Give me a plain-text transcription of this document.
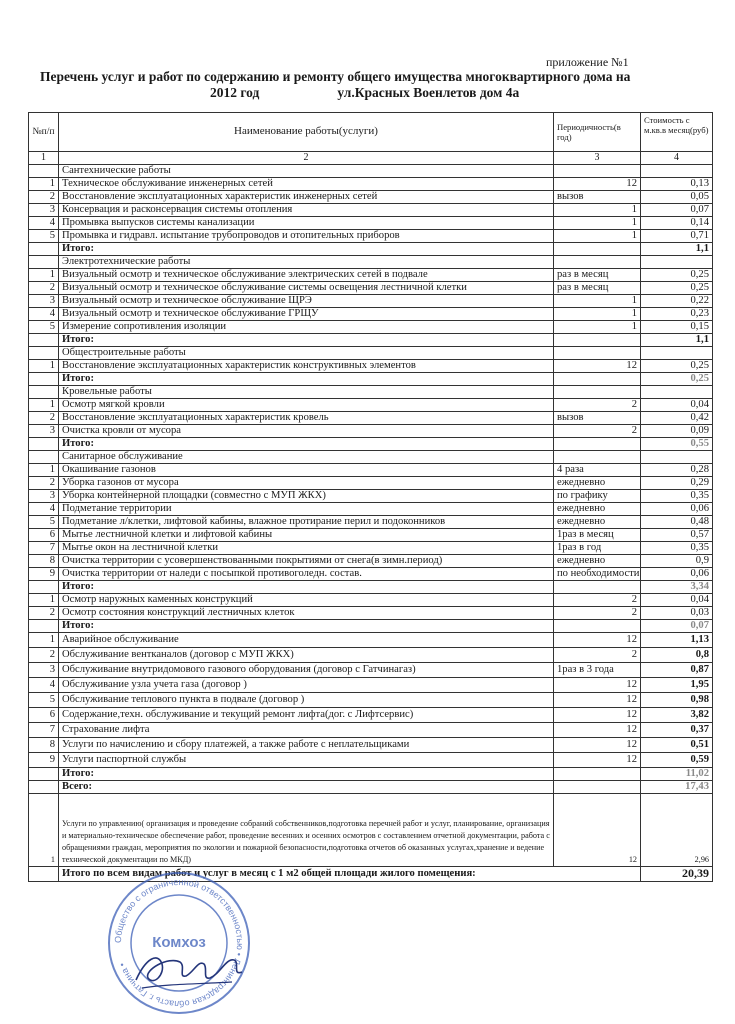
приложение №1
Перечень услуг и работ по содержанию и ремонту общего имущества многоквартирного дома на
2012 год	ул.Красных Военлетов дом 4а
№п/п	Наименование работы(услуги)	Периодичность(в год)	Стоимость с м.кв.в месяц(руб)
1	2	3	4
	Сантехнические работы		
1	Техническое обслуживание инженерных сетей	12	0,13
2	Восстановление эксплуатационных характеристик инженерных сетей	вызов	0,05
3	Консервация и расконсервация системы отопления	1	0,07
4	Промывка выпусков системы канализации	1	0,14
5	Промывка и гидравл. испытание трубопроводов и отопительных приборов	1	0,71
	Итого:		1,1
	Электротехнические работы		
1	Визуальный осмотр и техническое обслуживание электрических сетей в подвале	раз в месяц	0,25
2	Визуальный осмотр и техническое обслуживание системы освещения лестничной клетки	раз в месяц	0,25
3	Визуальный осмотр и техническое обслуживание ЩРЭ	1	0,22
4	Визуальный осмотр и техническое обслуживание ГРЩУ	1	0,23
5	Измерение сопротивления изоляции	1	0,15
	Итого:		1,1
	Общестроительные работы		
1	Восстановление эксплуатационных характеристик конструктивных элементов	12	0,25
	Итого:		0,25
	Кровельные работы		
1	Осмотр мягкой кровли	2	0,04
2	Восстановление эксплуатационных характеристик кровель	вызов	0,42
3	Очистка кровли от мусора	2	0,09
	Итого:		0,55
	Санитарное обслуживание		
1	Окашивание газонов	4 раза	0,28
2	Уборка газонов от мусора	ежедневно	0,29
3	Уборка контейнерной площадки (совместно с МУП ЖКХ)	по графику	0,35
4	Подметание территории	ежедневно	0,06
5	Подметание л/клетки, лифтовой кабины, влажное протирание перил и подоконников	ежедневно	0,48
6	Мытье лестничной клетки и лифтовой кабины	1раз в месяц	0,57
7	Мытье окон на лестничной клетки	1раз в год	0,35
8	Очистка территории с усовершенствованными покрытиями от снега(в зимн.период)	ежедневно	0,9
9	Очистка территории от наледи с посыпкой противоголедн. состав.	по необходимости	0,06
	Итого:		3,34
1	Осмотр наружных каменных конструкций	2	0,04
2	Осмотр состояния конструкций лестничных клеток	2	0,03
	Итого:		0,07
1	Аварийное обслуживание	12	1,13
2	Обслуживание вентканалов (договор с МУП ЖКХ)	2	0,8
3	Обслуживание внутридомового газового оборудования (договор с Гатчинагаз)	1раз в 3 года	0,87
4	Обслуживание узла учета газа (договор )	12	1,95
5	Обслуживание теплового пункта в подвале (договор )	12	0,98
6	Содержание,техн. обслуживание и текущий ремонт лифта(дог. с Лифтсервис)	12	3,82
7	Страхование лифта	12	0,37
8	Услуги по начислению и сбору платежей, а также работе с неплательщиками	12	0,51
9	Услуги паспортной службы	12	0,59
	Итого:		11,02
	Всего:		17,43
1	Услуги по управлению( организация и проведение собраний собственников,подготовка перечней работ и услуг, планирование, организация и материально-техническое обеспечение работ, проведение весенних и осенних осмотров с составлением отчетной документации, работа с обращениями граждан, мероприятия по экологии и пожарной безопасности,подготовка отчетов об оказанных услугах,хранение и ведение технической документации по МКД)	12	2,96
	Итого по всем видам работ и услуг в месяц с 1 м2 общей площади жилого помещения:		20,39
Общество с ограниченной ответственностью • Ленинградская область г. Гатчина •
Комхоз
